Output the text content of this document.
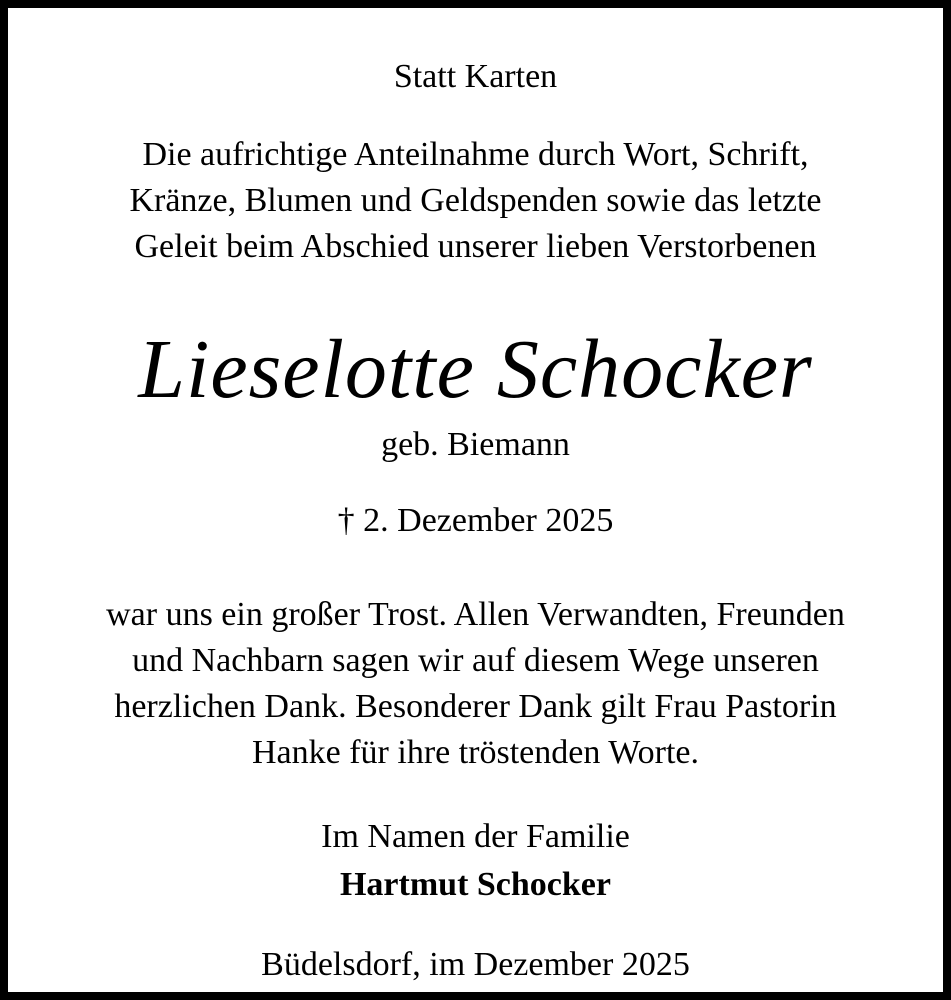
Statt Karten
Die aufrichtige Anteilnahme durch Wort, Schrift,
Kränze, Blumen und Geldspenden sowie das letzte
Geleit beim Abschied unserer lieben Verstorbenen
Lieselotte Schocker
geb. Biemann
† 2. Dezember 2025
war uns ein großer Trost. Allen Verwandten, Freunden
und Nachbarn sagen wir auf diesem Wege unseren
herzlichen Dank. Besonderer Dank gilt Frau Pastorin
Hanke für ihre tröstenden Worte.
Im Namen der Familie
Hartmut Schocker
Büdelsdorf, im Dezember 2025
